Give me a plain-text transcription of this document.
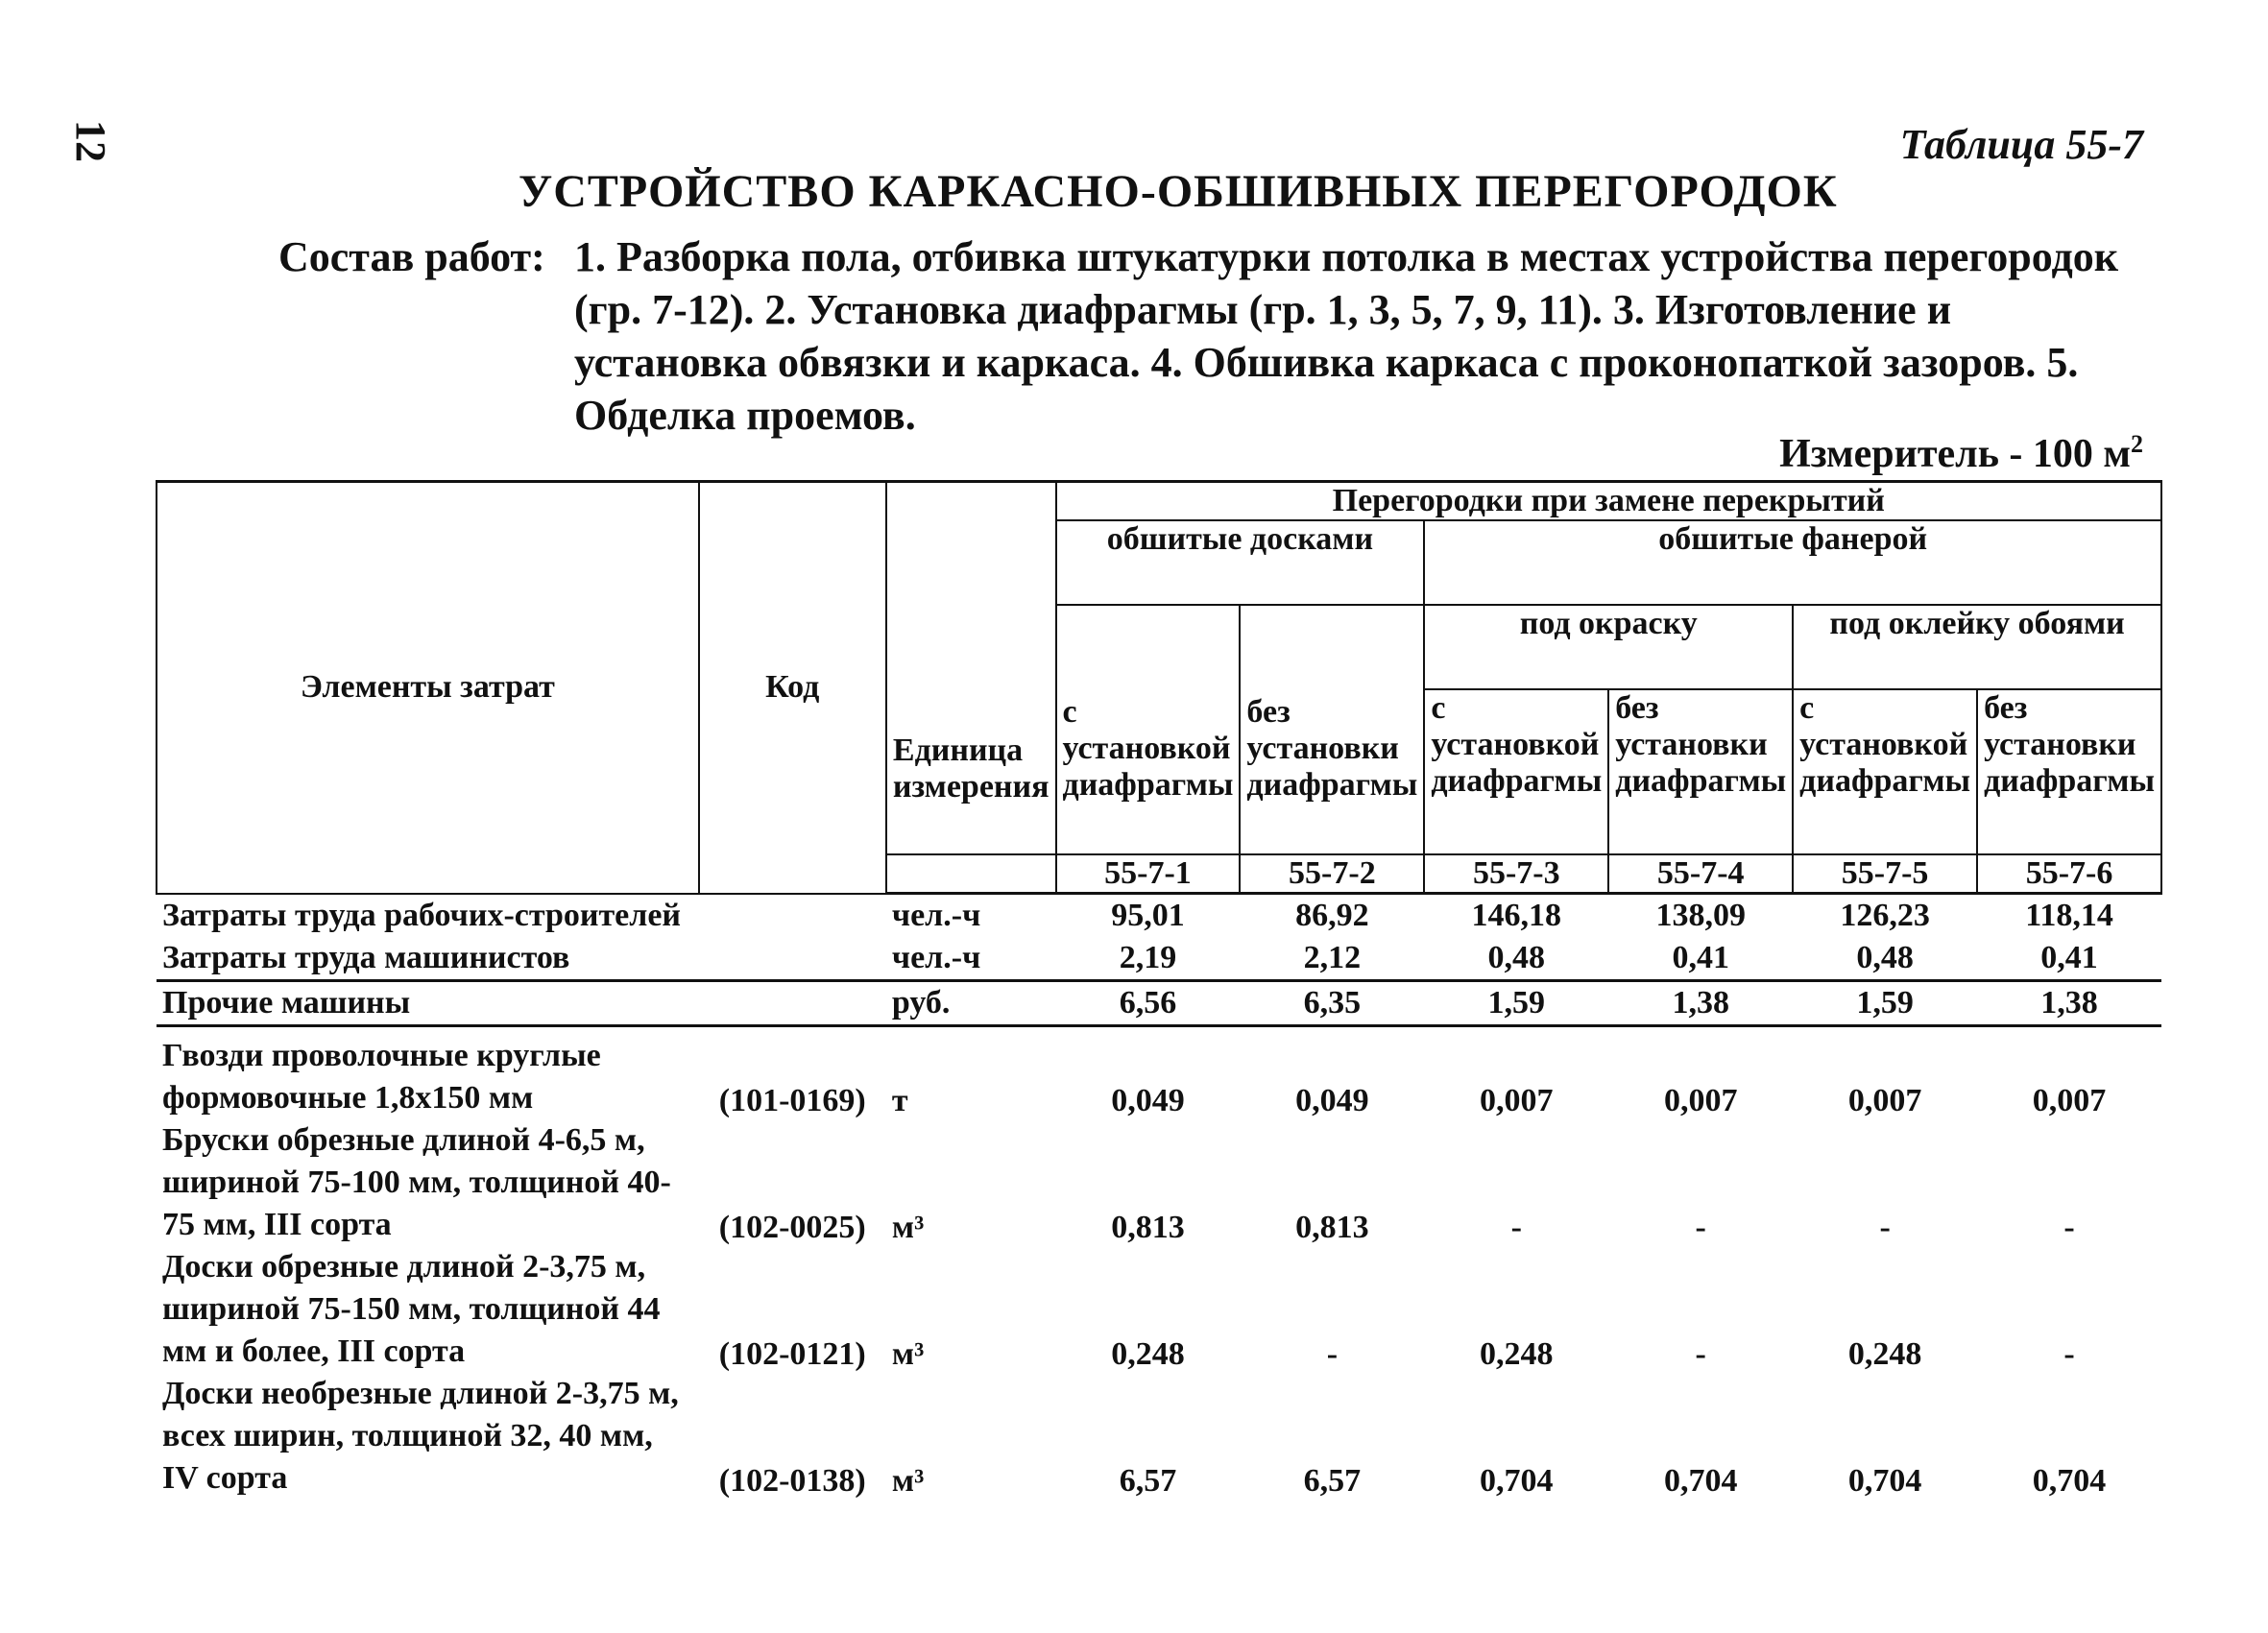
12	Таблица 55-7
УСТРОЙСТВО КАРКАСНО-ОБШИВНЫХ ПЕРЕГОРОДОК
Состав работ: 1. Разборка пола, отбивка штукатурки потолка в местах устройства перегородок (гр. 7-12). 2. Установка диафрагмы (гр. 1, 3, 5, 7, 9, 11). 3. Изготовление и установка обвязки и каркаса. 4. Обшивка каркаса с проконопаткой зазоров. 5. Обделка проемов.
Измеритель - 100 $м^2$
Элементы затрат	Код	Единица измерения	Перегородки при замене перекрытий					
			обшитые досками		обшитые фанерой			
			с установкой диафрагмы	без установки диафрагмы	под окраску		под оклейку обоями	
					с установкой диафрагмы	без установки диафрагмы	с установкой диафрагмы	без установки диафрагмы

			55-7-1	55-7-2	55-7-3	55-7-4	55-7-5	55-7-6
Затраты труда рабочих-строителей		чел.-ч	95,01	86,92	146,18	138,09	126,23	118,14
Затраты труда машинистов		чел.-ч	2,19	2,12	0,48	0,41	0,48	0,41
Прочие машины		руб.	6,56	6,35	1,59	1,38	1,59	1,38
Гвозди проволочные круглые формовочные 1,8х150 мм	(101-0169)	т	0,049	0,049	0,007	0,007	0,007	0,007
Бруски обрезные длиной 4-6,5 м, шириной 75-100 мм, толщиной 40-75 мм, III сорта	(102-0025)	м³	0,813	0,813	-	-	-	-
Доски обрезные длиной 2-3,75 м, шириной 75-150 мм, толщиной 44 мм и более, III сорта	(102-0121)	м³	0,248	-	0,248	-	0,248	-
Доски необрезные длиной 2-3,75 м, всех ширин, толщиной 32, 40 мм, IV сорта	(102-0138)	м³	6,57	6,57	0,704	0,704	0,704	0,704
